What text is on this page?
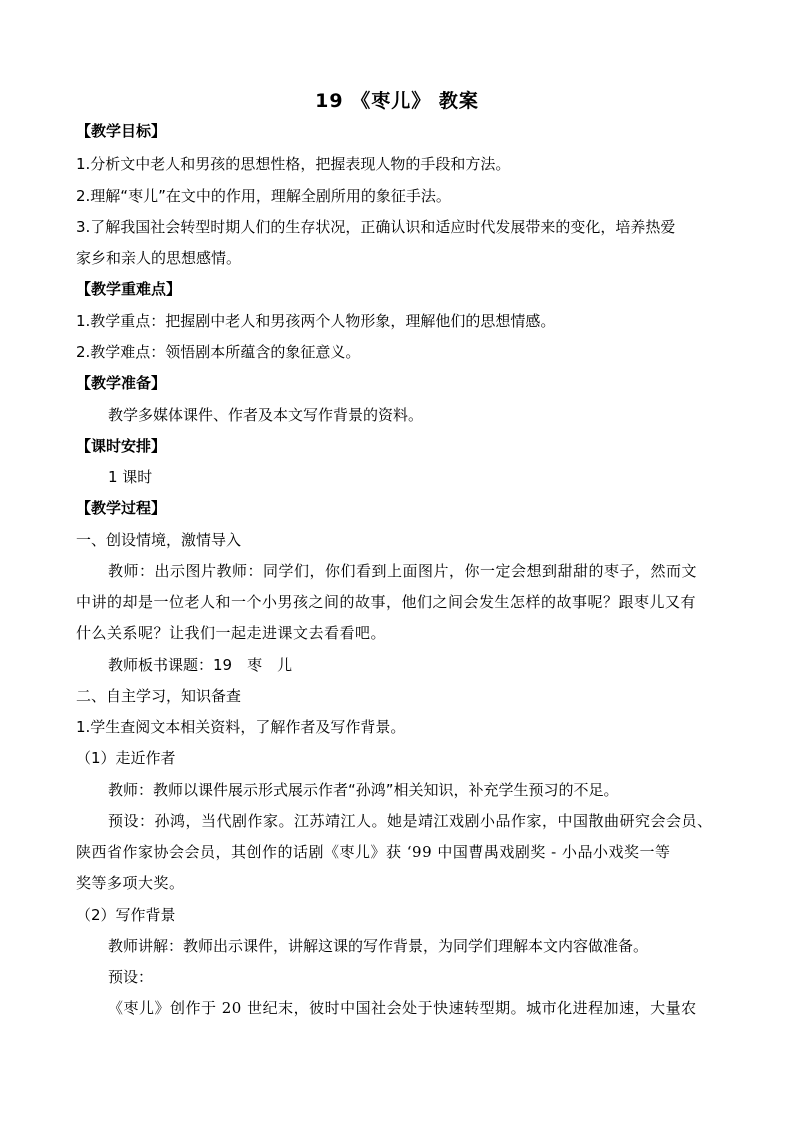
19 《枣儿》 教案
【教学目标】
1.分析文中老人和男孩的思想性格，把握表现人物的手段和方法。
2.理解“枣儿”在文中的作用，理解全剧所用的象征手法。
3.了解我国社会转型时期人们的生存状况，正确认识和适应时代发展带来的变化，培养热爱
家乡和亲人的思想感情。
【教学重难点】
1.教学重点：把握剧中老人和男孩两个人物形象，理解他们的思想情感。
2.教学难点：领悟剧本所蕴含的象征意义。
【教学准备】
教学多媒体课件、作者及本文写作背景的资料。
【课时安排】
1 课时
【教学过程】
一、创设情境，激情导入
教师：出示图片教师：同学们，你们看到上面图片，你一定会想到甜甜的枣子，然而文
中讲的却是一位老人和一个小男孩之间的故事，他们之间会发生怎样的故事呢？跟枣儿又有
什么关系呢？让我们一起走进课文去看看吧。
教师板书课题：19　枣　儿
二、自主学习，知识备查
1.学生查阅文本相关资料，了解作者及写作背景。
（1）走近作者
教师：教师以课件展示形式展示作者“孙鸿”相关知识，补充学生预习的不足。
预设：孙鸿，当代剧作家。江苏靖江人。她是靖江戏剧小品作家，中国散曲研究会会员、
陕西省作家协会会员，其创作的话剧《枣儿》获 ‘99 中国曹禺戏剧奖 - 小品小戏奖一等
奖等多项大奖。
（2）写作背景
教师讲解：教师出示课件，讲解这课的写作背景，为同学们理解本文内容做准备。
预设：
《枣儿》创作于 20 世纪末，彼时中国社会处于快速转型期。城市化进程加速，大量农
